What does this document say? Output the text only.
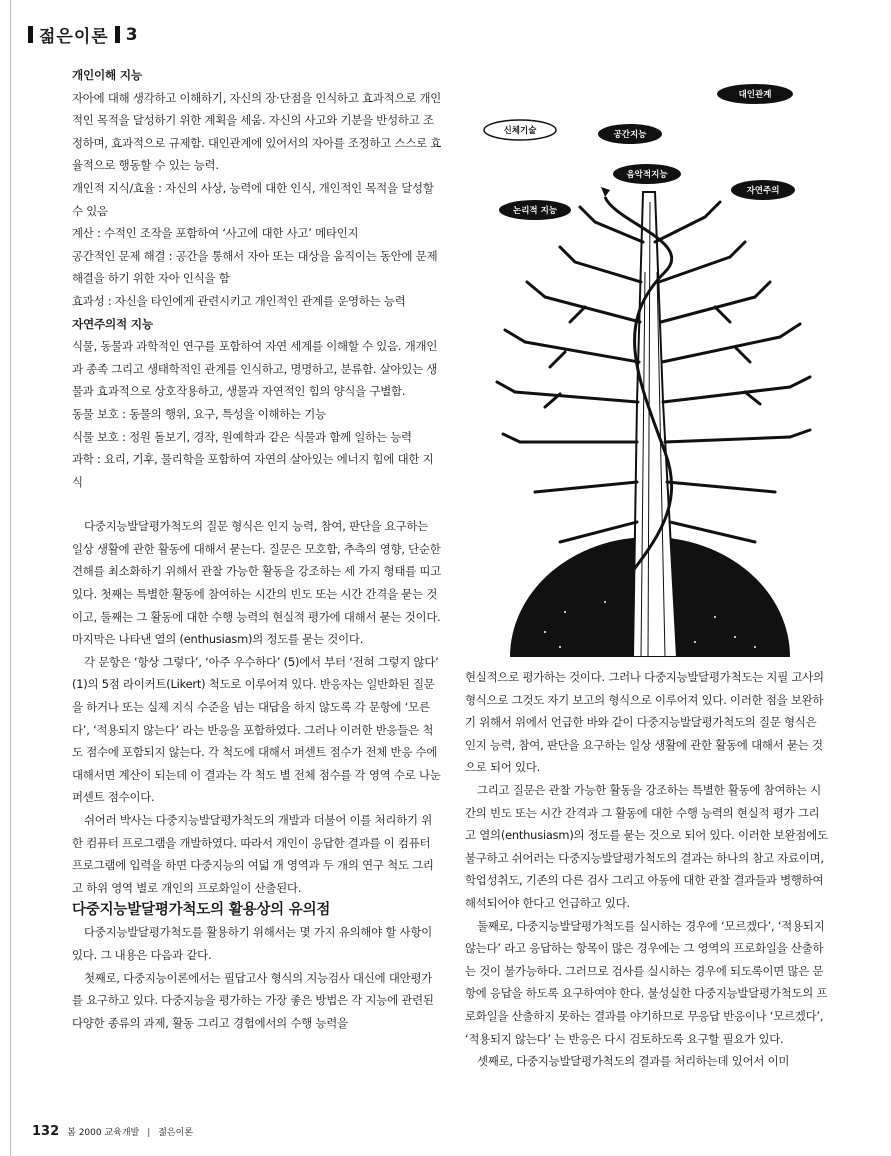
젊은이론 3

개인이해 지능

자아에 대해 생각하고 이해하기, 자신의 장·단점을 인식하고 효과적으로 개인적인 목적을 달성하기 위한 계획을 세움. 자신의 사고와 기분을 반성하고 조정하며, 효과적으로 규제함. 대인관계에 있어서의 자아를 조정하고 스스로 효율적으로 행동할 수 있는 능력.

개인적 지식/효율 : 자신의 사상, 능력에 대한 인식, 개인적인 목적을 달성할 수 있음

계산 : 수적인 조작을 포함하여 ‘사고에 대한 사고’ 메타인지

공간적인 문제 해결 : 공간을 통해서 자아 또는 대상을 움직이는 동안에 문제 해결을 하기 위한 자아 인식을 함

효과성 : 자신을 타인에게 관련시키고 개인적인 관계를 운영하는 능력

자연주의적 지능

식물, 동물과 과학적인 연구를 포함하여 자연 세계를 이해할 수 있음. 개개인과 종족 그리고 생태학적인 관계를 인식하고, 명명하고, 분류함. 살아있는 생물과 효과적으로 상호작용하고, 생물과 자연적인 힘의 양식을 구별함.

동물 보호 : 동물의 행위, 요구, 특성을 이해하는 기능

식물 보호 : 정원 돌보기, 경작, 원예학과 같은 식물과 함께 일하는 능력

과학 : 요리, 기후, 물리학을 포함하여 자연의 살아있는 에너지 힘에 대한 지식

다중지능발달평가척도의 질문 형식은 인지 능력, 참여, 판단을 요구하는 일상 생활에 관한 활동에 대해서 묻는다. 질문은 모호함, 추측의 영향, 단순한 견해를 최소화하기 위해서 관찰 가능한 활동을 강조하는 세 가지 형태를 띠고 있다. 첫째는 특별한 활동에 참여하는 시간의 빈도 또는 시간 간격을 묻는 것이고, 둘째는 그 활동에 대한 수행 능력의 현실적 평가에 대해서 묻는 것이다. 마지막은 나타낸 열의 (enthusiasm)의 정도를 묻는 것이다.

각 문항은 ‘항상 그렇다’, ‘아주 우수하다’ (5)에서 부터 ‘전혀 그렇지 않다’ (1)의 5점 라이커트(Likert) 척도로 이루어져 있다. 반응자는 일반화된 질문을 하거나 또는 실제 지식 수준을 넘는 대답을 하지 않도록 각 문항에 ‘모른다’, ‘적용되지 않는다’ 라는 반응을 포함하였다. 그러나 이러한 반응들은 척도 점수에 포함되지 않는다. 각 척도에 대해서 퍼센트 점수가 전체 반응 수에 대해서면 계산이 되는데 이 결과는 각 척도 별 전체 점수를 각 영역 수로 나눈 퍼센트 점수이다.

쉬어러 박사는 다중지능발달평가척도의 개발과 더불어 이를 처리하기 위한 컴퓨터 프로그램을 개발하였다. 따라서 개인이 응답한 결과를 이 컴퓨터 프로그램에 입력을 하면 다중지능의 여덟 개 영역과 두 개의 연구 척도 그리고 하위 영역 별로 개인의 프로화일이 산출된다.

다중지능발달평가척도의 활용상의 유의점

다중지능발달평가척도를 활용하기 위해서는 몇 가지 유의해야 할 사항이 있다. 그 내용은 다음과 같다.

첫째로, 다중지능이론에서는 필답고사 형식의 지능검사 대신에 대안평가를 요구하고 있다. 다중지능을 평가하는 가장 좋은 방법은 각 지능에 관련된 다양한 종류의 과제, 활동 그리고 경험에서의 수행 능력을

대인관계
신체기술	공간지능
음악적지능
자연주의
논리적 지능

현실적으로 평가하는 것이다. 그러나 다중지능발달평가척도는 지필 고사의 형식으로 그것도 자기 보고의 형식으로 이루어져 있다. 이러한 점을 보완하기 위해서 위에서 언급한 바와 같이 다중지능발달평가척도의 질문 형식은 인지 능력, 참여, 판단을 요구하는 일상 생활에 관한 활동에 대해서 묻는 것으로 되어 있다.

그리고 질문은 관찰 가능한 활동을 강조하는 특별한 활동에 참여하는 시간의 빈도 또는 시간 간격과 그 활동에 대한 수행 능력의 현실적 평가 그리고 열의(enthusiasm)의 정도를 묻는 것으로 되어 있다. 이러한 보완점에도 불구하고 쉬어러는 다중지능발달평가척도의 결과는 하나의 참고 자료이며, 학업성취도, 기존의 다른 검사 그리고 아동에 대한 관찰 결과들과 병행하여 해석되어야 한다고 언급하고 있다.

둘째로, 다중지능발달평가척도를 실시하는 경우에 ‘모르겠다’, ‘적용되지 않는다’ 라고 응답하는 항목이 많은 경우에는 그 영역의 프로화일을 산출하는 것이 불가능하다. 그러므로 검사를 실시하는 경우에 되도록이면 많은 문항에 응답을 하도록 요구하여야 한다. 불성실한 다중지능발달평가척도의 프로화일을 산출하지 못하는 결과를 야기하므로 무응답 반응이나 ‘모르겠다’, ‘적용되지 않는다’ 는 반응은 다시 검토하도록 요구할 필요가 있다.

셋째로, 다중지능발달평가척도의 결과를 처리하는데 있어서 이미

132 봄 2000 교육개발 | 젊은이론
